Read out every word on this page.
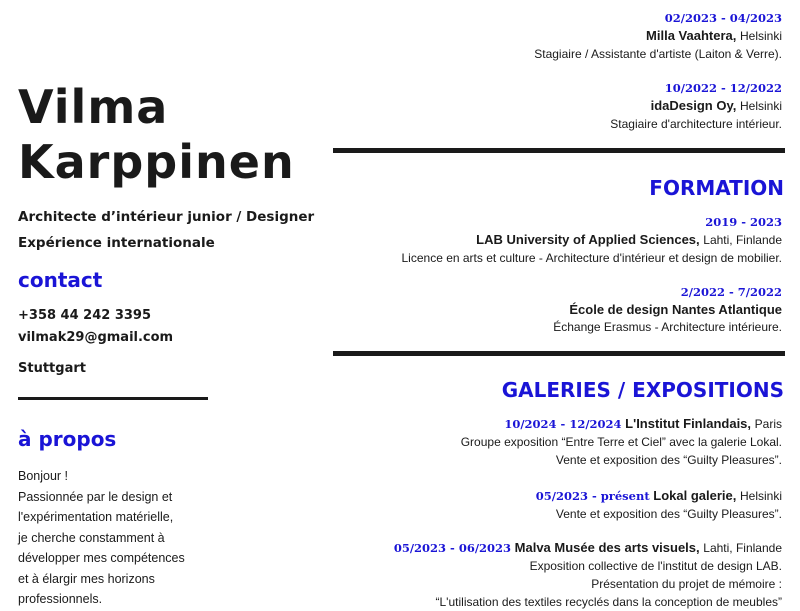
Vilma
Karppinen
Architecte d’intérieur junior / Designer
Expérience internationale
contact
+358 44 242 3395
vilmak29@gmail.com
Stuttgart
à propos
Bonjour !
Passionnée par le design et
l'expérimentation matérielle,
je cherche constamment à
développer mes compétences
et à élargir mes horizons
professionnels.
02/2023 - 04/2023
Milla Vaahtera, Helsinki
Stagiaire / Assistante d'artiste (Laiton & Verre).
10/2022 - 12/2022
idaDesign Oy, Helsinki
Stagiaire d'architecture intérieur.
FORMATION
2019 - 2023
LAB University of Applied Sciences, Lahti, Finlande
Licence en arts et culture - Architecture d'intérieur et design de mobilier.
2/2022 - 7/2022
École de design Nantes Atlantique
Échange Erasmus - Architecture intérieure.
GALERIES / EXPOSITIONS
10/2024 - 12/2024 L'Institut Finlandais, Paris
Groupe exposition “Entre Terre et Ciel” avec la galerie Lokal.
Vente et exposition des “Guilty Pleasures”.
05/2023 - présent Lokal galerie, Helsinki
Vente et exposition des “Guilty Pleasures”.
05/2023 - 06/2023 Malva Musée des arts visuels, Lahti, Finlande
Exposition collective de l'institut de design LAB.
Présentation du projet de mémoire :
“L'utilisation des textiles recyclés dans la conception de meubles”
